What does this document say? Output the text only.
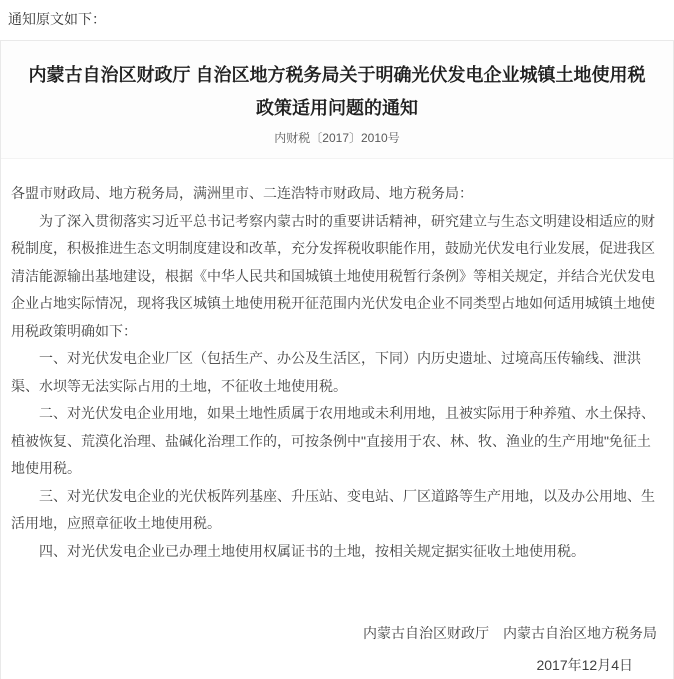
通知原文如下：
内蒙古自治区财政厅 自治区地方税务局关于明确光伏发电企业城镇土地使用税政策适用问题的通知
内财税〔2017〕2010号

各盟市财政局、地方税务局，满洲里市、二连浩特市财政局、地方税务局：

为了深入贯彻落实习近平总书记考察内蒙古时的重要讲话精神，研究建立与生态文明建设相适应的财税制度，积极推进生态文明制度建设和改革，充分发挥税收职能作用，鼓励光伏发电行业发展，促进我区清洁能源输出基地建设，根据《中华人民共和国城镇土地使用税暂行条例》等相关规定，并结合光伏发电企业占地实际情况，现将我区城镇土地使用税开征范围内光伏发电企业不同类型占地如何适用城镇土地使用税政策明确如下：

一、对光伏发电企业厂区（包括生产、办公及生活区，下同）内历史遗址、过境高压传输线、泄洪渠、水坝等无法实际占用的土地，不征收土地使用税。

二、对光伏发电企业用地，如果土地性质属于农用地或未利用地，且被实际用于种养殖、水土保持、植被恢复、荒漠化治理、盐碱化治理工作的，可按条例中"直接用于农、林、牧、渔业的生产用地"免征土地使用税。

三、对光伏发电企业的光伏板阵列基座、升压站、变电站、厂区道路等生产用地，以及办公用地、生活用地，应照章征收土地使用税。

四、对光伏发电企业已办理土地使用权属证书的土地，按相关规定据实征收土地使用税。

内蒙古自治区财政厅　内蒙古自治区地方税务局

2017年12月4日
